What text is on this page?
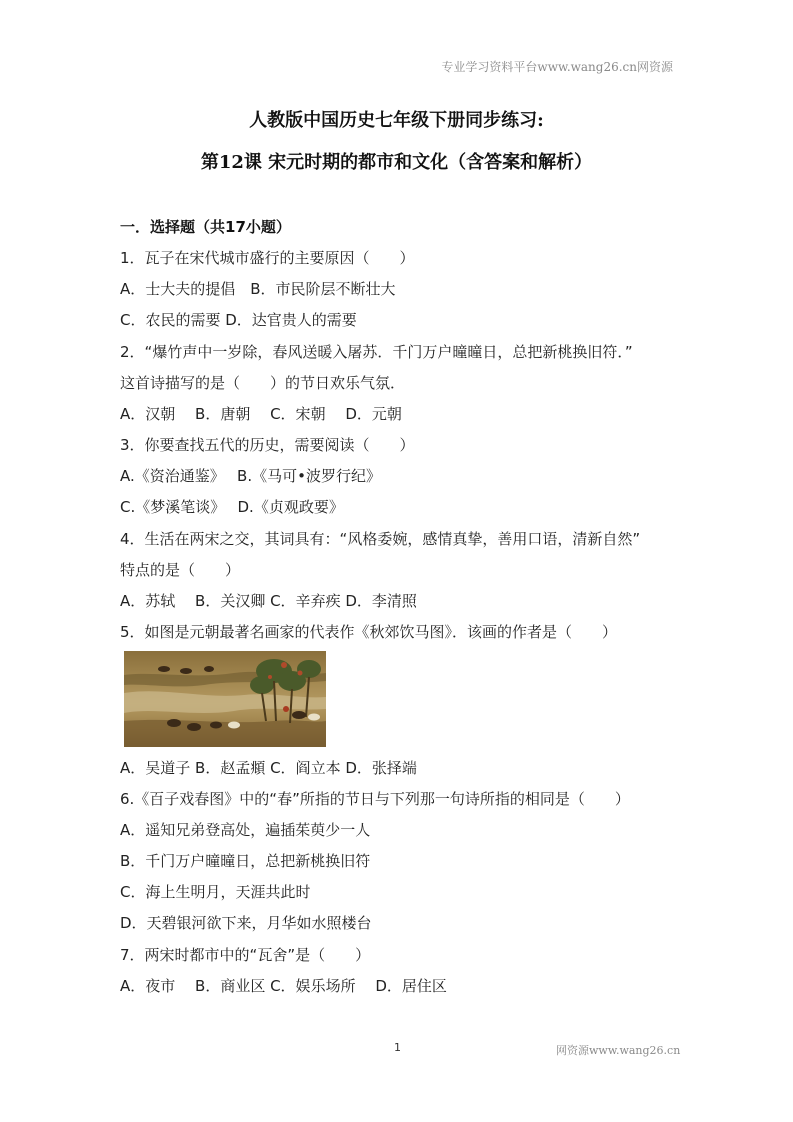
专业学习资料平台www.wang26.cn网资源
人教版中国历史七年级下册同步练习:
第12课 宋元时期的都市和文化（含答案和解析）
一．选择题（共17小题）
1．瓦子在宋代城市盛行的主要原因（　　）
A．士大夫的提倡　B．市民阶层不断壮大
C．农民的需要 D．达官贵人的需要
2．“爆竹声中一岁除，春风送暖入屠苏．千门万户曈曈日，总把新桃换旧符．”
这首诗描写的是（　　）的节日欢乐气氛．
A．汉朝　 B．唐朝　 C．宋朝　 D．元朝
3．你要查找五代的历史，需要阅读（　　）
A.《资治通鉴》　 B.《马可•波罗行纪》
C.《梦溪笔谈》　 D.《贞观政要》
4．生活在两宋之交，其词具有：“风格委婉，感情真挚，善用口语，清新自然”
特点的是（　　）
A．苏轼　 B．关汉卿 C．辛弃疾 D．李清照
5．如图是元朝最著名画家的代表作《秋郊饮马图》．该画的作者是（　　）
A．吴道子 B．赵孟頫 C．阎立本 D．张择端
6.《百子戏春图》中的“春”所指的节日与下列那一句诗所指的相同是（　　）
A．遥知兄弟登高处，遍插茱萸少一人
B．千门万户曈曈日，总把新桃换旧符
C．海上生明月，天涯共此时
D．天碧银河欲下来，月华如水照楼台
7．两宋时都市中的“瓦舍”是（　　）
A．夜市　 B．商业区 C．娱乐场所　 D．居住区
1	网资源www.wang26.cn
